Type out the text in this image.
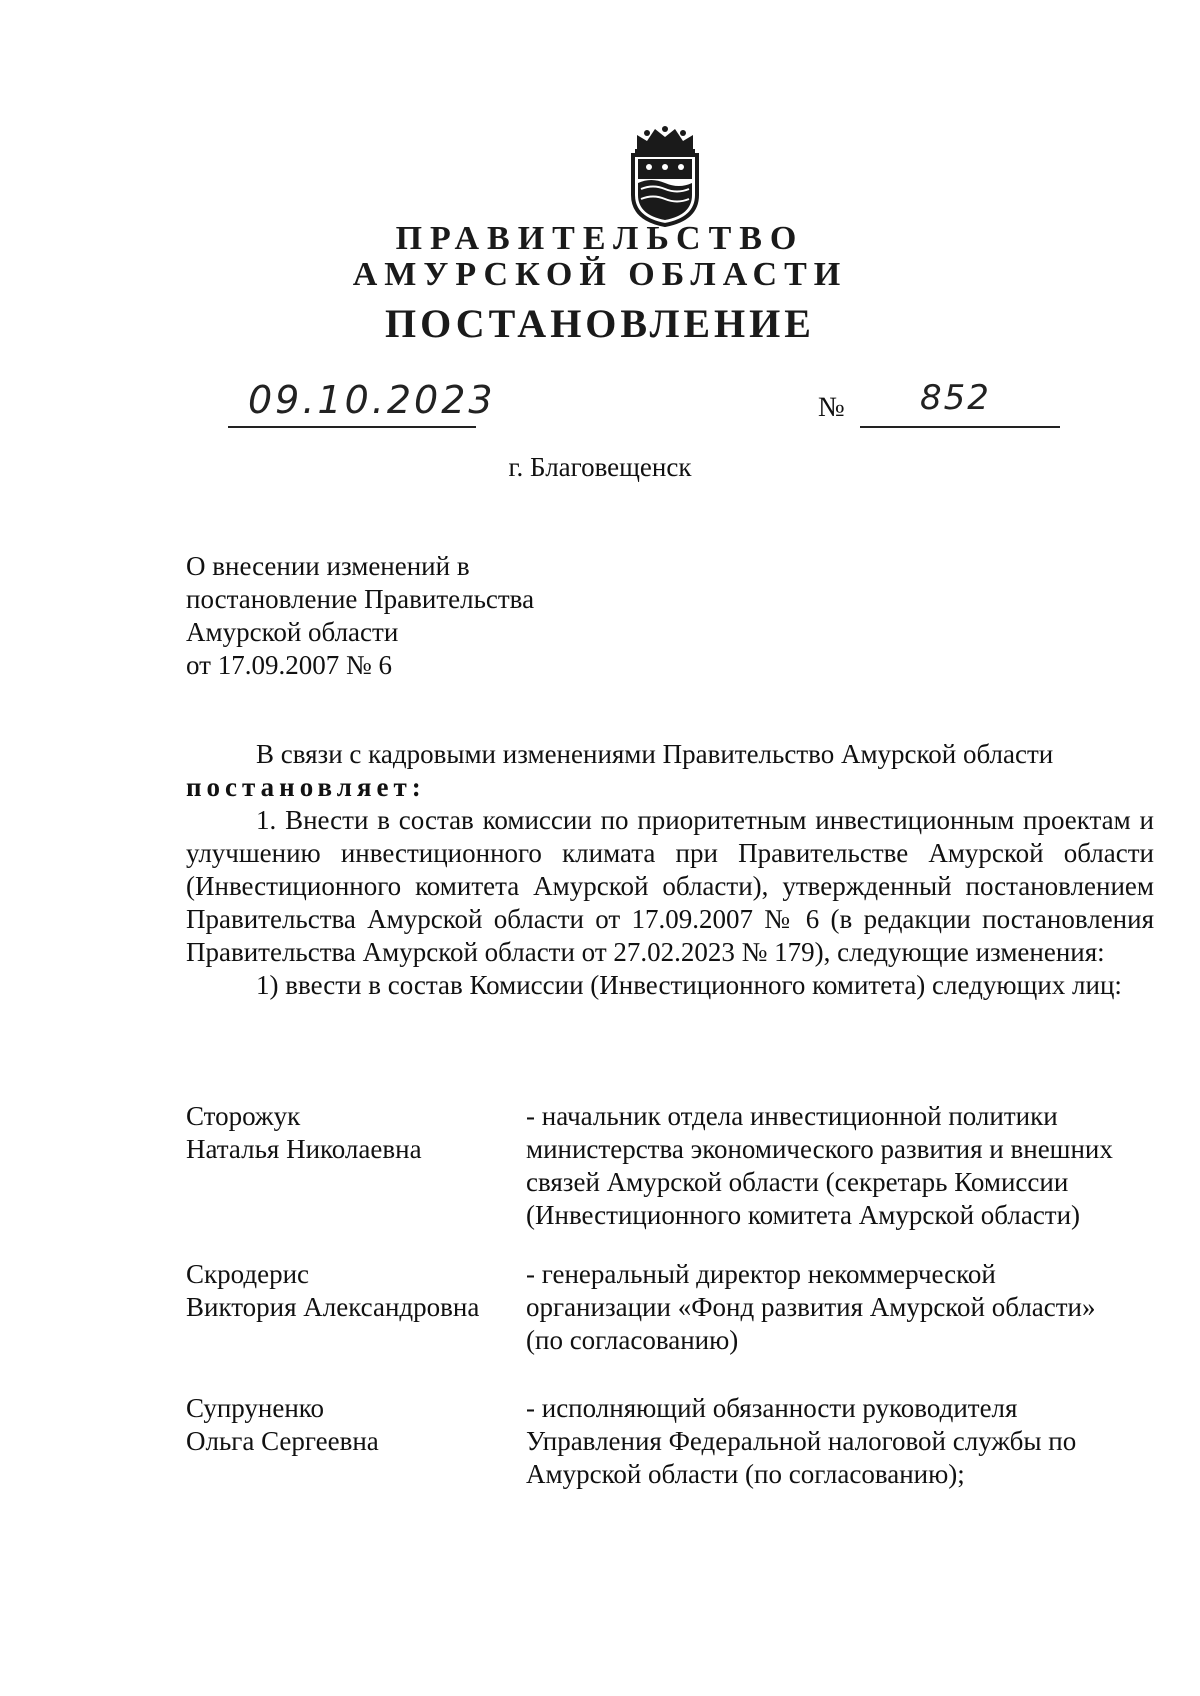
ПРАВИТЕЛЬСТВО
АМУРСКОЙ ОБЛАСТИ
ПОСТАНОВЛЕНИЕ
09.10.2023	№ 852
г. Благовещенск
О внесении изменений в
постановление Правительства
Амурской области
от 17.09.2007 № 6

В связи с кадровыми изменениями Правительство Амурской области

постановляет:

1. Внести в состав комиссии по приоритетным инвестиционным проектам и улучшению инвестиционного климата при Правительстве Амурской области (Инвестиционного комитета Амурской области), утвержденный постановлением Правительства Амурской области от 17.09.2007 № 6 (в редакции постановления Правительства Амурской области от 27.02.2023 № 179), следующие изменения:

1) ввести в состав Комиссии (Инвестиционного комитета) следующих лиц:

Сторожук
Наталья Николаевна
- начальник отдела инвестиционной политики
министерства экономического развития и внешних
связей Амурской области (секретарь Комиссии
(Инвестиционного комитета Амурской области)
Скродерис
Виктория Александровна
- генеральный директор некоммерческой
организации «Фонд развития Амурской области»
(по согласованию)
Супруненко
Ольга Сергеевна
- исполняющий обязанности руководителя
Управления Федеральной налоговой службы по
Амурской области (по согласованию);
